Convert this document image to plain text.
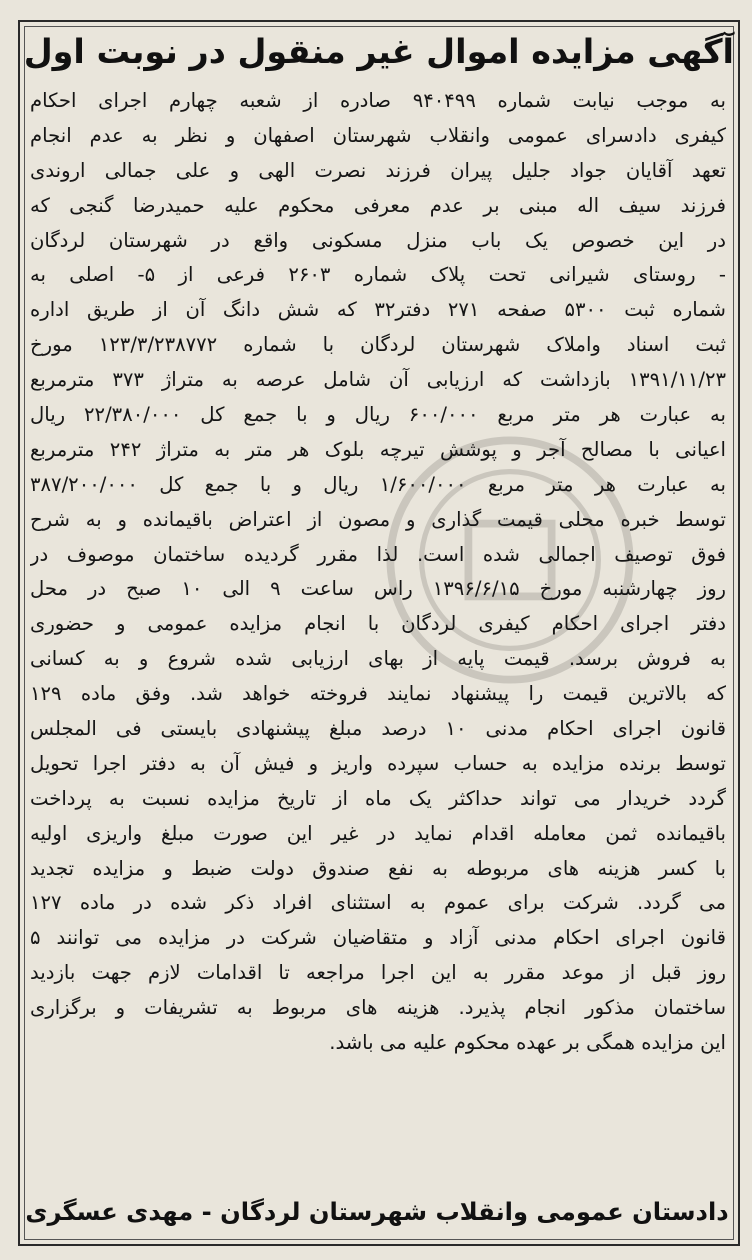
آگهی مزایده اموال غیر منقول در نوبت اول
به موجب نیابت شماره ۹۴۰۴۹۹ صادره از شعبه چهارم اجرای احکام
کیفری دادسرای عمومی وانقلاب شهرستان اصفهان و نظر به عدم انجام
تعهد آقایان جواد جلیل پیران فرزند نصرت الهی و علی جمالی اروندی
فرزند سیف اله مبنی بر عدم معرفی محکوم علیه حمیدرضا گنجی که
در این خصوص یک باب منزل مسکونی واقع در شهرستان لردگان
- روستای شیرانی تحت پلاک شماره ۲۶۰۳ فرعی از ۵- اصلی به
شماره ثبت ۵۳۰۰ صفحه ۲۷۱ دفتر۳۲ که شش دانگ آن از طریق اداره
ثبت اسناد واملاک شهرستان لردگان با شماره ۱۲۳/۳/۲۳۸۷۷۲ مورخ
۱۳۹۱/۱۱/۲۳ بازداشت که ارزیابی آن شامل عرصه به متراژ ۳۷۳ مترمربع
به عبارت هر متر مربع ۶۰۰/۰۰۰ ریال و با جمع کل ۲۲/۳۸۰/۰۰۰ ریال
اعیانی با مصالح آجر و پوشش تیرچه بلوک هر متر به متراژ ۲۴۲ مترمربع
به عبارت هر متر مربع ۱/۶۰۰/۰۰۰ ریال و با جمع کل ۳۸۷/۲۰۰/۰۰۰
توسط خبره محلی قیمت گذاری و مصون از اعتراض باقیمانده و به شرح
فوق توصیف اجمالی شده است. لذا مقرر گردیده ساختمان موصوف در
روز چهارشنبه مورخ ۱۳۹۶/۶/۱۵ راس ساعت ۹ الی ۱۰ صبح در محل
دفتر اجرای احکام کیفری لردگان با انجام مزایده عمومی و حضوری
به فروش برسد. قیمت پایه از بهای ارزیابی شده شروع و به کسانی
که بالاترین قیمت را پیشنهاد نمایند فروخته خواهد شد. وفق ماده ۱۲۹
قانون اجرای احکام مدنی ۱۰ درصد مبلغ پیشنهادی بایستی فی المجلس
توسط برنده مزایده به حساب سپرده واریز و فیش آن به دفتر اجرا تحویل
گردد خریدار می تواند حداکثر یک ماه از تاریخ مزایده نسبت به پرداخت
باقیمانده ثمن معامله اقدام نماید در غیر این صورت مبلغ واریزی اولیه
با کسر هزینه های مربوطه به نفع صندوق دولت ضبط و مزایده تجدید
می گردد. شرکت برای عموم به استثنای افراد ذکر شده در ماده ۱۲۷
قانون اجرای احکام مدنی آزاد و متقاضیان شرکت در مزایده می توانند ۵
روز قبل از موعد مقرر به این اجرا مراجعه تا اقدامات لازم جهت بازدید
ساختمان مذکور انجام پذیرد. هزینه های مربوط به تشریفات و برگزاری
این مزایده همگی بر عهده محکوم علیه می باشد.
دادستان عمومی وانقلاب شهرستان لردگان - مهدی عسگری
